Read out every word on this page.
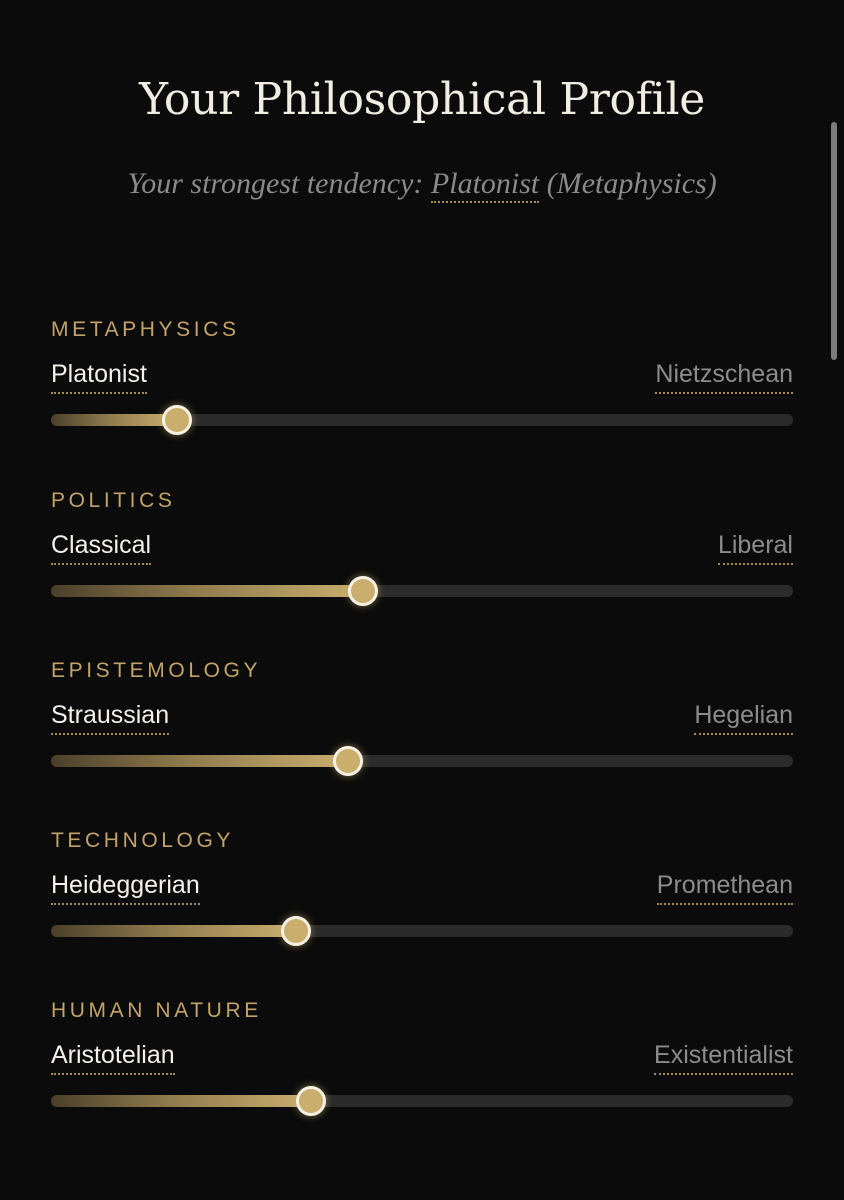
Your Philosophical Profile
Your strongest tendency: Platonist (Metaphysics)
METAPHYSICS
Platonist	Nietzschean
POLITICS
Classical	Liberal
EPISTEMOLOGY
Straussian	Hegelian
TECHNOLOGY
Heideggerian	Promethean
HUMAN NATURE
Aristotelian	Existentialist
